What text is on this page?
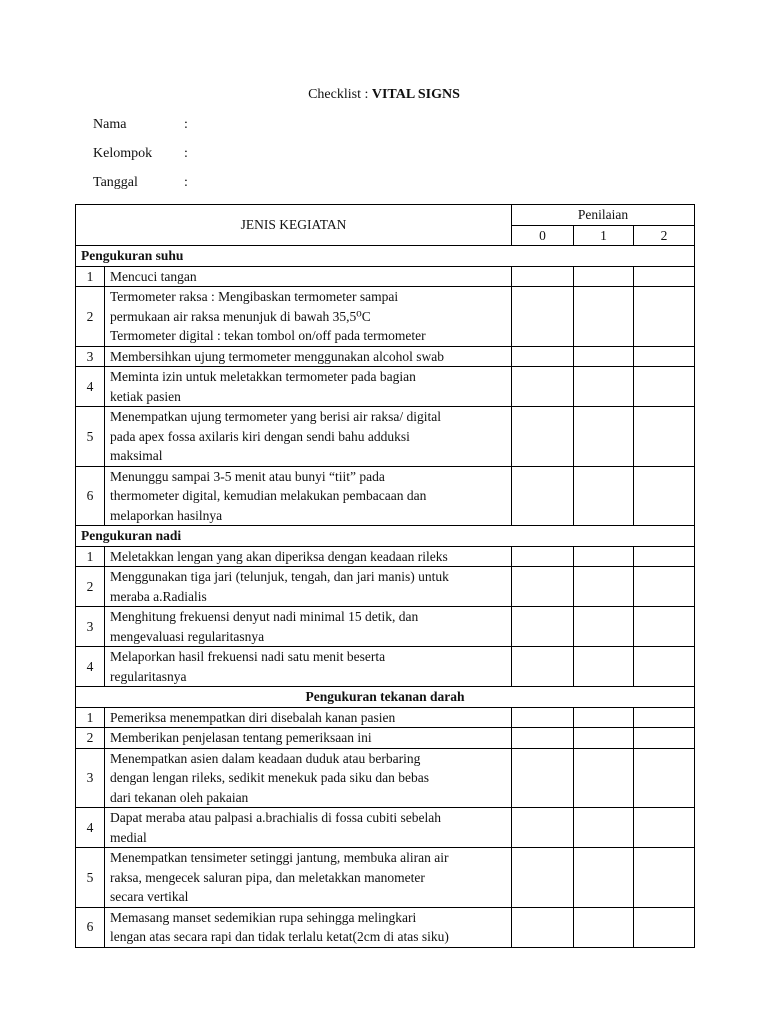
Checklist : VITAL SIGNS
Nama	:
Kelompok :
Tanggal	:
JENIS KEGIATAN		Penilaian		
		0	1	2
Pengukuran suhu				
1	Mencuci tangan			

2	Termometer raksa : Mengibaskan termometer sampai
permukaan air raksa menunjuk di bawah 35,5⁰C
Termometer digital : tekan tombol on/off pada termometer			

3	Membersihkan ujung termometer menggunakan alcohol swab			

4	Meminta izin untuk meletakkan termometer pada bagian
ketiak pasien			

5	Menempatkan ujung termometer yang berisi air raksa/ digital
pada apex fossa axilaris kiri dengan sendi bahu adduksi
maksimal			

6	Menunggu sampai 3-5 menit atau bunyi “tiit” pada
thermometer digital, kemudian melakukan pembacaan dan
melaporkan hasilnya			

Pengukuran nadi				
1	Meletakkan lengan yang akan diperiksa dengan keadaan rileks			

2	Menggunakan tiga jari (telunjuk, tengah, dan jari manis) untuk
meraba a.Radialis			

3	Menghitung frekuensi denyut nadi minimal 15 detik, dan
mengevaluasi regularitasnya			

4	Melaporkan hasil frekuensi nadi satu menit beserta
regularitasnya			

Pengukuran tekanan darah				
1	Pemeriksa menempatkan diri disebalah kanan pasien			

2	Memberikan penjelasan tentang pemeriksaan ini			

3	Menempatkan asien dalam keadaan duduk atau berbaring
dengan lengan rileks, sedikit menekuk pada siku dan bebas
dari tekanan oleh pakaian			

4	Dapat meraba atau palpasi a.brachialis di fossa cubiti sebelah
medial			

5	Menempatkan tensimeter setinggi jantung, membuka aliran air
raksa, mengecek saluran pipa, dan meletakkan manometer
secara vertikal			

6	Memasang manset sedemikian rupa sehingga melingkari
lengan atas secara rapi dan tidak terlalu ketat(2cm di atas siku)			
